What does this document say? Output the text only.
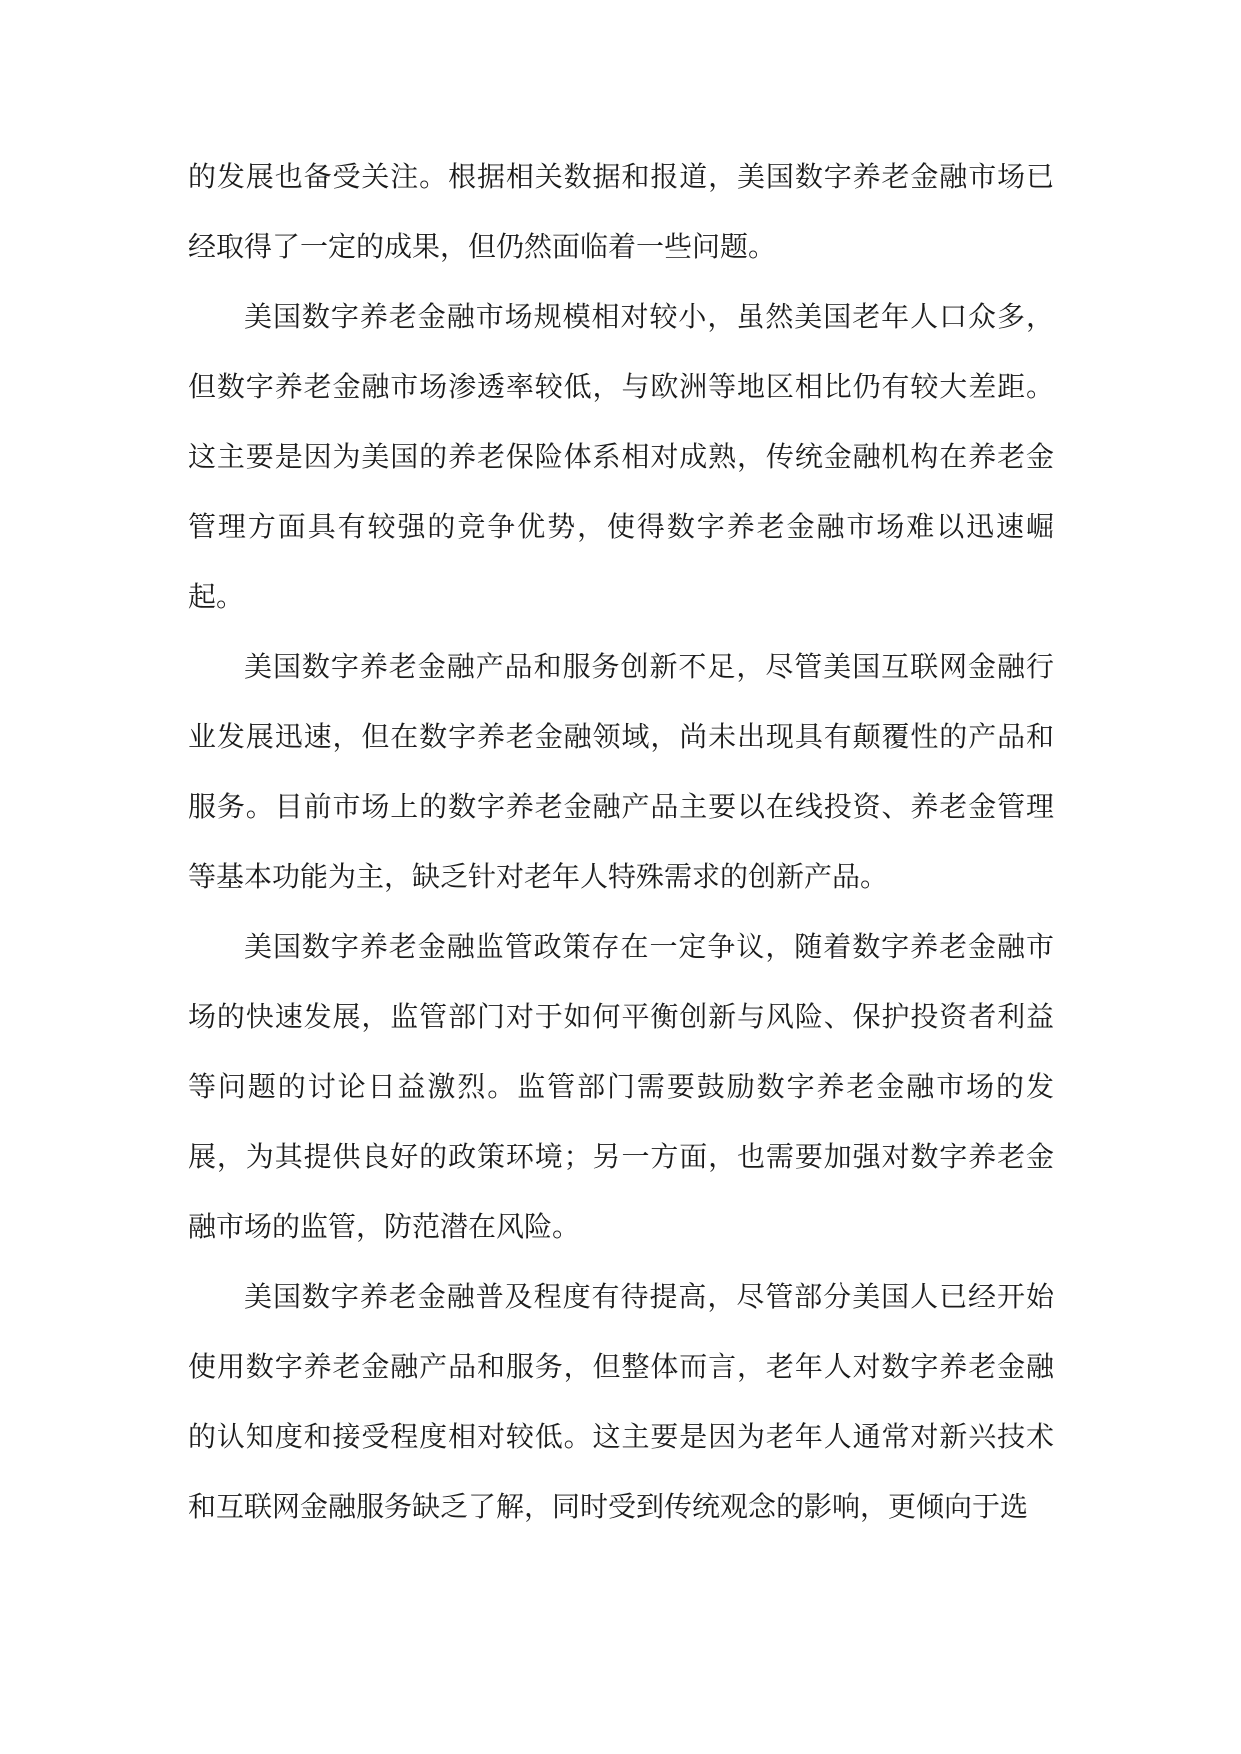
的发展也备受关注。根据相关数据和报道，美国数字养老金融市场已经取得了一定的成果，但仍然面临着一些问题。

美国数字养老金融市场规模相对较小，虽然美国老年人口众多，但数字养老金融市场渗透率较低，与欧洲等地区相比仍有较大差距。这主要是因为美国的养老保险体系相对成熟，传统金融机构在养老金管理方面具有较强的竞争优势，使得数字养老金融市场难以迅速崛起。

美国数字养老金融产品和服务创新不足，尽管美国互联网金融行业发展迅速，但在数字养老金融领域，尚未出现具有颠覆性的产品和服务。目前市场上的数字养老金融产品主要以在线投资、养老金管理等基本功能为主，缺乏针对老年人特殊需求的创新产品。

美国数字养老金融监管政策存在一定争议，随着数字养老金融市场的快速发展，监管部门对于如何平衡创新与风险、保护投资者利益等问题的讨论日益激烈。监管部门需要鼓励数字养老金融市场的发展，为其提供良好的政策环境；另一方面，也需要加强对数字养老金融市场的监管，防范潜在风险。

美国数字养老金融普及程度有待提高，尽管部分美国人已经开始使用数字养老金融产品和服务，但整体而言，老年人对数字养老金融的认知度和接受程度相对较低。这主要是因为老年人通常对新兴技术和互联网金融服务缺乏了解，同时受到传统观念的影响，更倾向于选
